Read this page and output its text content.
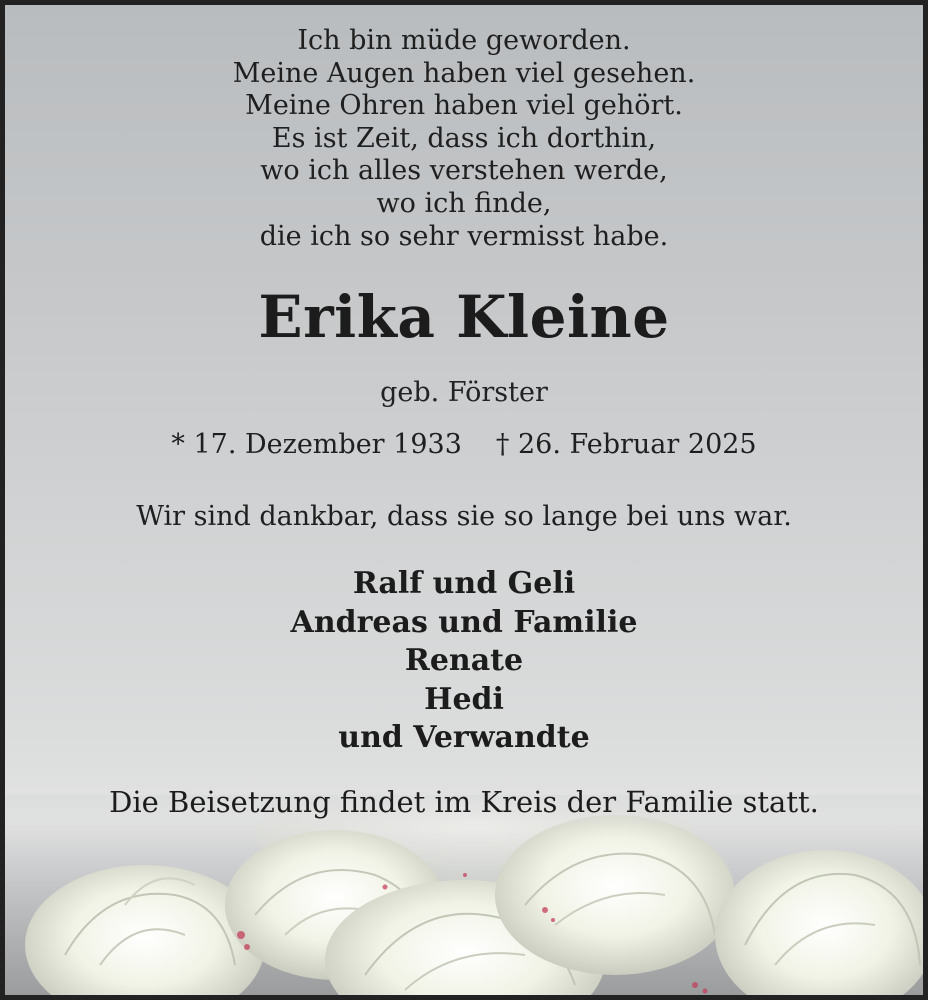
Ich bin müde geworden.
Meine Augen haben viel gesehen.
Meine Ohren haben viel gehört.
Es ist Zeit, dass ich dorthin,
wo ich alles verstehen werde,
wo ich finde,
die ich so sehr vermisst habe.
Erika Kleine
geb. Förster
* 17. Dezember 1933 † 26. Februar 2025
Wir sind dankbar, dass sie so lange bei uns war.
Ralf und Geli
Andreas und Familie
Renate
Hedi
und Verwandte
Die Beisetzung findet im Kreis der Familie statt.
